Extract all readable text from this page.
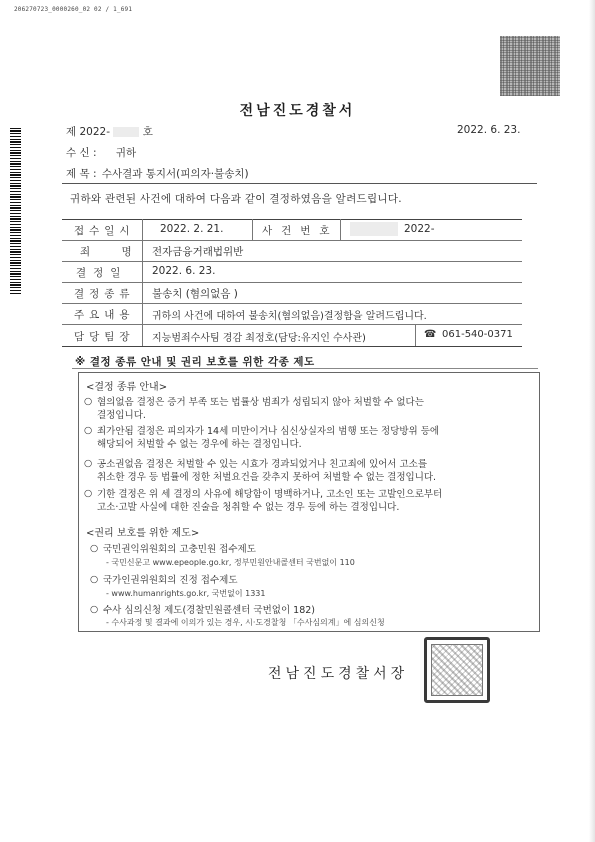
206270723_0000260_02 02 / 1_691
전남진도경찰서
제 2022-	호	2022. 6. 23.
수 신 : 귀하
제 목 : 수사결과 통지서(피의자·불송치)
귀하와 관련된 사건에 대하여 다음과 같이 결정하였음을 알려드립니다.
접수일시 2022. 2. 21.	사건번호	2022-
죄 명 전자금융거래법위반
결정일 2022. 6. 23.
결정종류 불송치 (혐의없음 )
주요내용 귀하의 사건에 대하여 불송치(혐의없음)결정함을 알려드립니다.
담당팀장 지능범죄수사팀 경감 최정호(담당:유지인 수사관)	☎ 061-540-0371
※ 결정 종류 안내 및 권리 보호를 위한 각종 제도
<결정 종류 안내>
○ 혐의없음 결정은 증거 부족 또는 법률상 범죄가 성립되지 않아 처벌할 수 없다는
결정입니다.
○ 죄가안됨 결정은 피의자가 14세 미만이거나 심신상실자의 범행 또는 정당방위 등에
해당되어 처벌할 수 없는 경우에 하는 결정입니다.
○ 공소권없음 결정은 처벌할 수 있는 시효가 경과되었거나 친고죄에 있어서 고소를
취소한 경우 등 법률에 정한 처벌요건을 갖추지 못하여 처벌할 수 없는 결정입니다.
○ 기한 결정은 위 세 결정의 사유에 해당함이 명백하거나, 고소인 또는 고발인으로부터
고소·고발 사실에 대한 진술을 청취할 수 없는 경우 등에 하는 결정입니다.
<권리 보호를 위한 제도>
○ 국민권익위원회의 고충민원 접수제도
- 국민신문고 www.epeople.go.kr, 정부민원안내콜센터 국번없이 110
○ 국가인권위원회의 진정 접수제도
- www.humanrights.go.kr, 국번없이 1331
○ 수사 심의신청 제도(경찰민원콜센터 국번없이 182)
- 수사과정 및 결과에 이의가 있는 경우, 시·도경찰청 「수사심의계」에 심의신청
전남진도경찰서장
